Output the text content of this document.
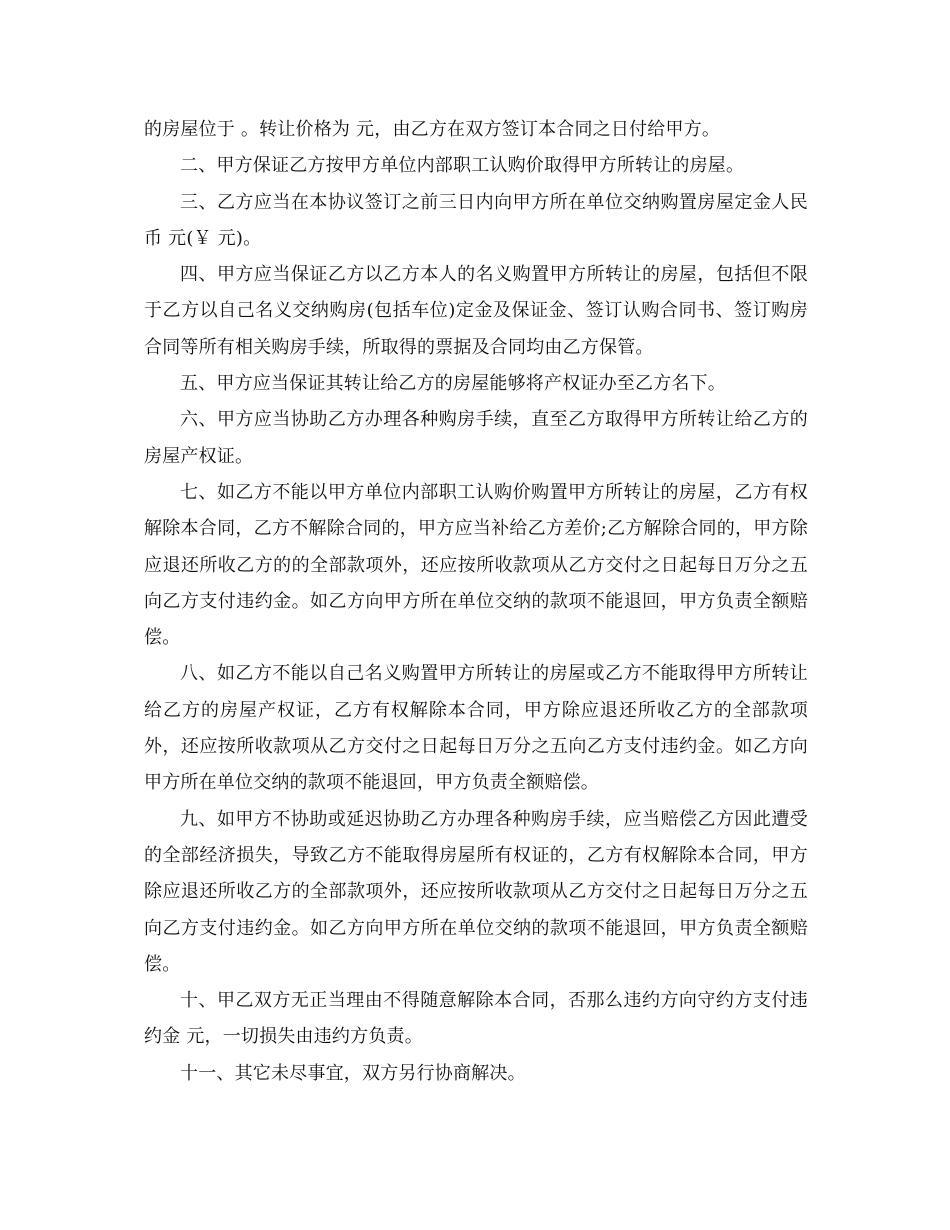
的房屋位于 。转让价格为 元，由乙方在双方签订本合同之日付给甲方。

二、甲方保证乙方按甲方单位内部职工认购价取得甲方所转让的房屋。

三、乙方应当在本协议签订之前三日内向甲方所在单位交纳购置房屋定金人民币 元(￥ 元)。

四、甲方应当保证乙方以乙方本人的名义购置甲方所转让的房屋，包括但不限于乙方以自己名义交纳购房(包括车位)定金及保证金、签订认购合同书、签订购房合同等所有相关购房手续，所取得的票据及合同均由乙方保管。

五、甲方应当保证其转让给乙方的房屋能够将产权证办至乙方名下。

六、甲方应当协助乙方办理各种购房手续，直至乙方取得甲方所转让给乙方的房屋产权证。

七、如乙方不能以甲方单位内部职工认购价购置甲方所转让的房屋，乙方有权解除本合同，乙方不解除合同的，甲方应当补给乙方差价;乙方解除合同的，甲方除应退还所收乙方的的全部款项外，还应按所收款项从乙方交付之日起每日万分之五向乙方支付违约金。如乙方向甲方所在单位交纳的款项不能退回，甲方负责全额赔偿。

八、如乙方不能以自己名义购置甲方所转让的房屋或乙方不能取得甲方所转让给乙方的房屋产权证，乙方有权解除本合同，甲方除应退还所收乙方的全部款项外，还应按所收款项从乙方交付之日起每日万分之五向乙方支付违约金。如乙方向甲方所在单位交纳的款项不能退回，甲方负责全额赔偿。

九、如甲方不协助或延迟协助乙方办理各种购房手续，应当赔偿乙方因此遭受的全部经济损失，导致乙方不能取得房屋所有权证的，乙方有权解除本合同，甲方除应退还所收乙方的全部款项外，还应按所收款项从乙方交付之日起每日万分之五向乙方支付违约金。如乙方向甲方所在单位交纳的款项不能退回，甲方负责全额赔偿。

十、甲乙双方无正当理由不得随意解除本合同，否那么违约方向守约方支付违约金 元，一切损失由违约方负责。

十一、其它未尽事宜，双方另行协商解决。
